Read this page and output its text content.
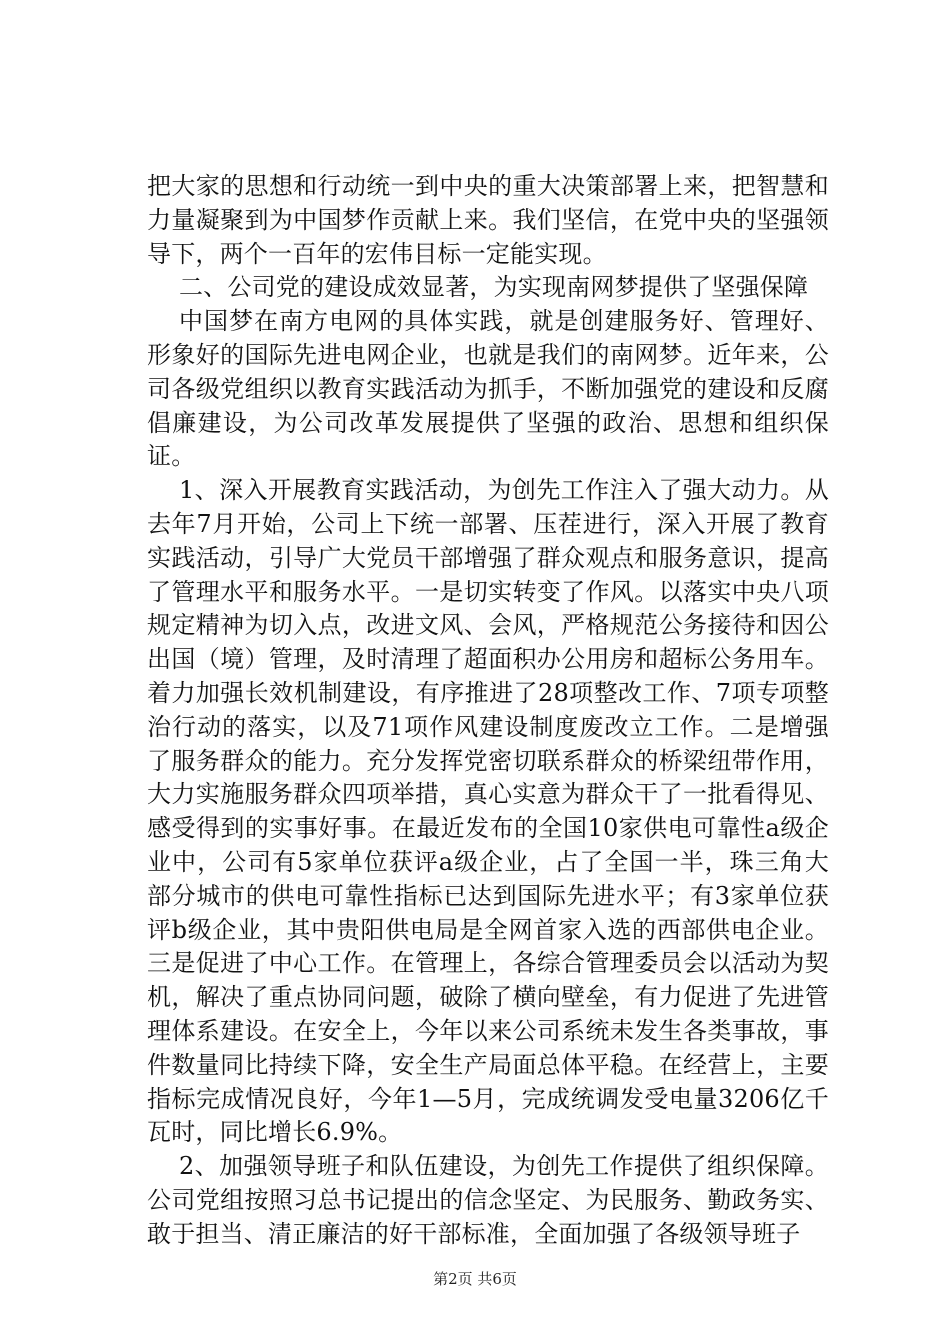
把大家的思想和行动统一到中央的重大决策部署上来，把智慧和力量凝聚到为中国梦作贡献上来。我们坚信，在党中央的坚强领导下，两个一百年的宏伟目标一定能实现。

二、公司党的建设成效显著，为实现南网梦提供了坚强保障

中国梦在南方电网的具体实践，就是创建服务好、管理好、形象好的国际先进电网企业，也就是我们的南网梦。近年来，公司各级党组织以教育实践活动为抓手，不断加强党的建设和反腐倡廉建设，为公司改革发展提供了坚强的政治、思想和组织保证。

1、深入开展教育实践活动，为创先工作注入了强大动力。从去年7月开始，公司上下统一部署、压茬进行，深入开展了教育实践活动，引导广大党员干部增强了群众观点和服务意识，提高了管理水平和服务水平。一是切实转变了作风。以落实中央八项规定精神为切入点，改进文风、会风，严格规范公务接待和因公出国（境）管理，及时清理了超面积办公用房和超标公务用车。着力加强长效机制建设，有序推进了28项整改工作、7项专项整治行动的落实，以及71项作风建设制度废改立工作。二是增强了服务群众的能力。充分发挥党密切联系群众的桥梁纽带作用，大力实施服务群众四项举措，真心实意为群众干了一批看得见、感受得到的实事好事。在最近发布的全国10家供电可靠性a级企业中，公司有5家单位获评a级企业，占了全国一半，珠三角大部分城市的供电可靠性指标已达到国际先进水平；有3家单位获评b级企业，其中贵阳供电局是全网首家入选的西部供电企业。三是促进了中心工作。在管理上，各综合管理委员会以活动为契机，解决了重点协同问题，破除了横向壁垒，有力促进了先进管理体系建设。在安全上，今年以来公司系统未发生各类事故，事件数量同比持续下降，安全生产局面总体平稳。在经营上，主要指标完成情况良好，今年1—5月，完成统调发受电量3206亿千瓦时，同比增长6.9%。

2、加强领导班子和队伍建设，为创先工作提供了组织保障。公司党组按照习总书记提出的信念坚定、为民服务、勤政务实、敢于担当、清正廉洁的好干部标准，全面加强了各级领导班子

第2页 共6页
